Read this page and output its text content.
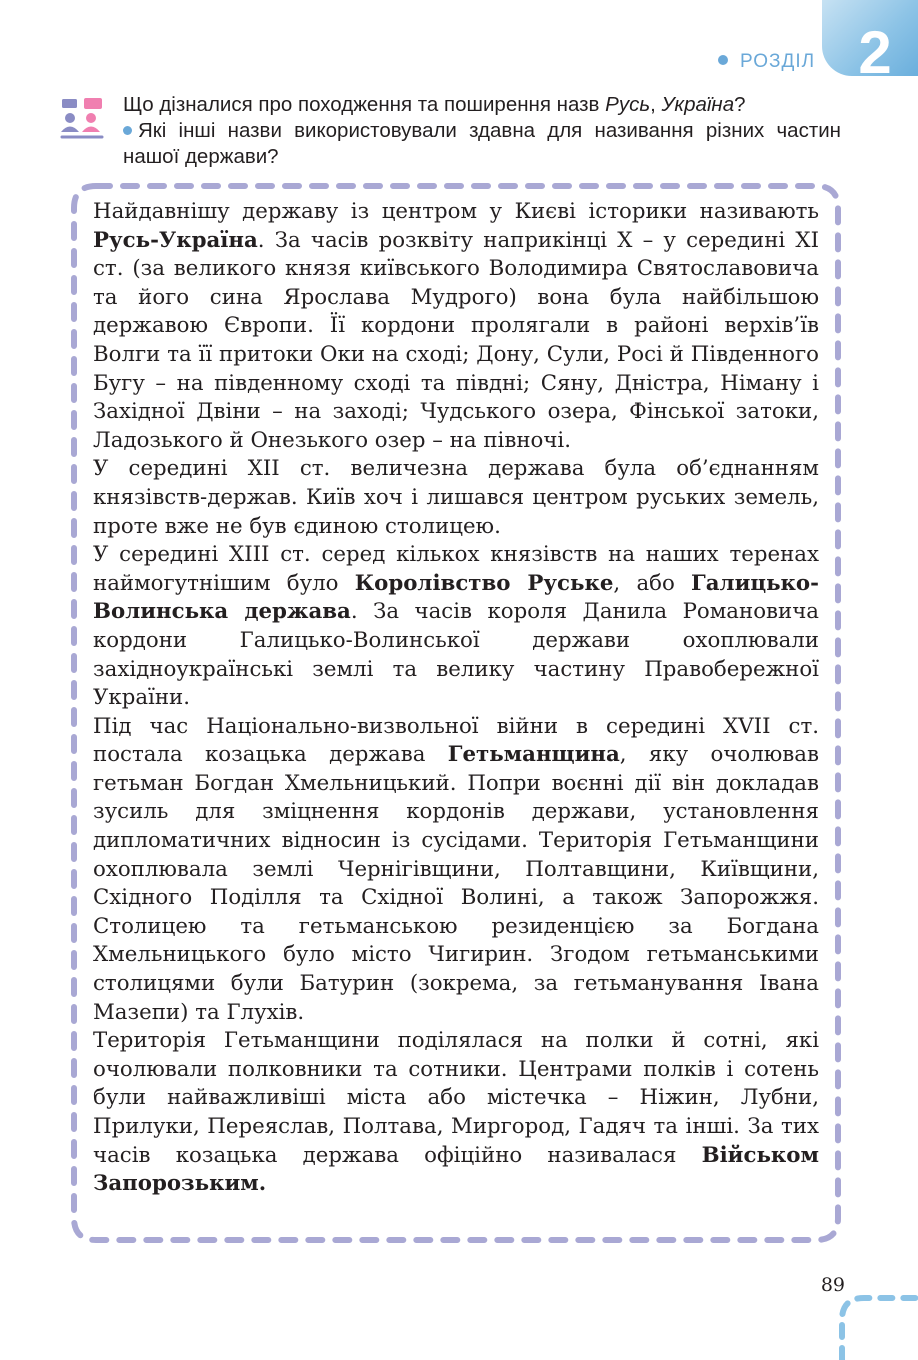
2
РОЗДІЛ

Що дізналися про походження та поширення назв Русь, Україна?

Які інші назви використовували здавна для називання різних частин нашої держави?

Найдавнішу державу із центром у Києві історики називають Русь-Україна. За часів розквіту наприкінці X – у середині XI ст. (за великого князя київського Володимира Святославовича та його сина Ярослава Мудрого) вона була найбільшою державою Європи. Її кордони пролягали в районі верхів’їв Волги та її притоки Оки на сході; Дону, Сули, Росі й Південного Бугу – на південному сході та півдні; Сяну, Дністра, Німану і Західної Двіни – на заході; Чудського озера, Фінської затоки, Ладозького й Онезького озер – на півночі.

У середині XII ст. величезна держава була об’єднанням князівств-держав. Київ хоч і лишався центром руських земель, проте вже не був єдиною столицею.

У середині XIII ст. серед кількох князівств на наших теренах наймогутнішим було Королівство Руське, або Галицько-Волинська держава. За часів короля Данила Романовича кордони Галицько-Волинської держави охоплювали західноукраїнські землі та велику частину Правобережної України.

Під час Національно-визвольної війни в середині XVII ст. постала козацька держава Гетьманщина, яку очолював гетьман Богдан Хмельницький. Попри воєнні дії він докладав зусиль для зміцнення кордонів держави, установлення дипломатичних відносин із сусідами. Територія Гетьманщини охоплювала землі Чернігівщини, Полтавщини, Київщини, Східного Поділля та Східної Волині, а також Запорожжя. Столицею та гетьманською резиденцією за Богдана Хмельницького було місто Чигирин. Згодом гетьманськими столицями були Батурин (зокрема, за гетьманування Івана Мазепи) та Глухів.

Територія Гетьманщини поділялася на полки й сотні, які очолювали полковники та сотники. Центрами полків і сотень були найважливіші міста або містечка – Ніжин, Лубни, Прилуки, Переяслав, Полтава, Миргород, Гадяч та інші. За тих часів козацька держава офіційно називалася Військом Запорозьким.

89
